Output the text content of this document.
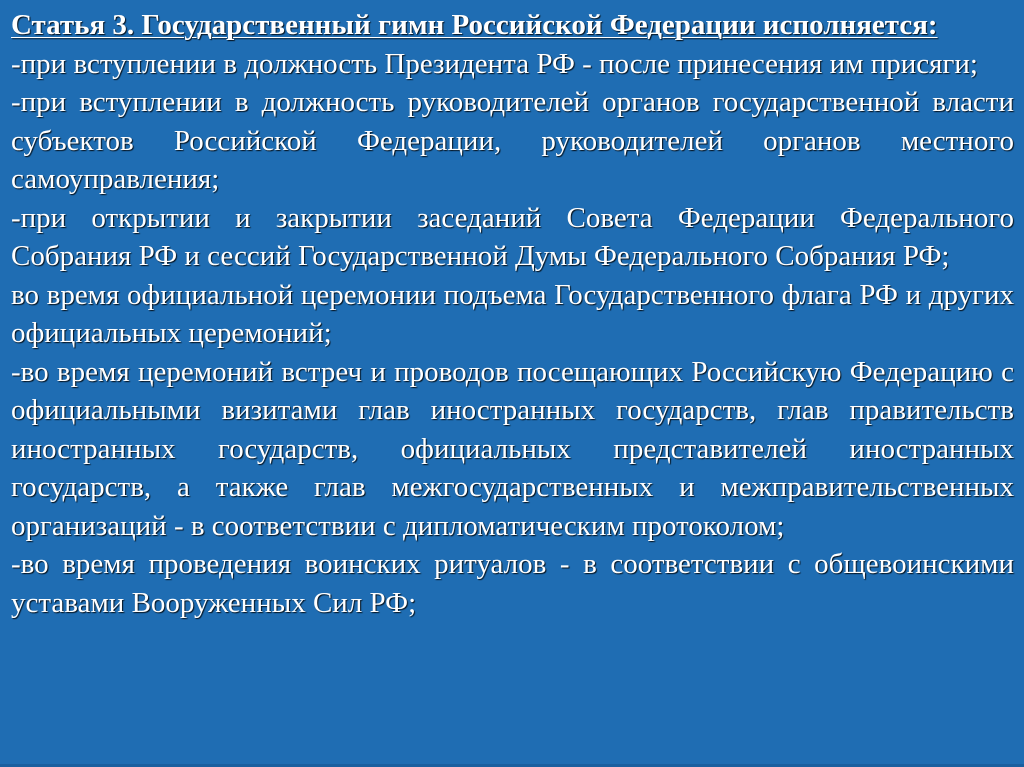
Статья 3. Государственный гимн Российской Федерации исполняется:

-при вступлении в должность Президента РФ - после принесения им присяги;

-при вступлении в должность руководителей органов государственной власти субъектов Российской Федерации, руководителей органов местного самоуправления;

-при открытии и закрытии заседаний Совета Федерации Федерального Собрания РФ и сессий Государственной Думы Федерального Собрания РФ;

во время официальной церемонии подъема Государственного флага РФ и других официальных церемоний;

-во время церемоний встреч и проводов посещающих Российскую Федерацию с официальными визитами глав иностранных государств, глав правительств иностранных государств, официальных представителей иностранных государств, а также глав межгосударственных и межправительственных организаций - в соответствии с дипломатическим протоколом;

-во время проведения воинских ритуалов - в соответствии с общевоинскими уставами Вооруженных Сил РФ;
